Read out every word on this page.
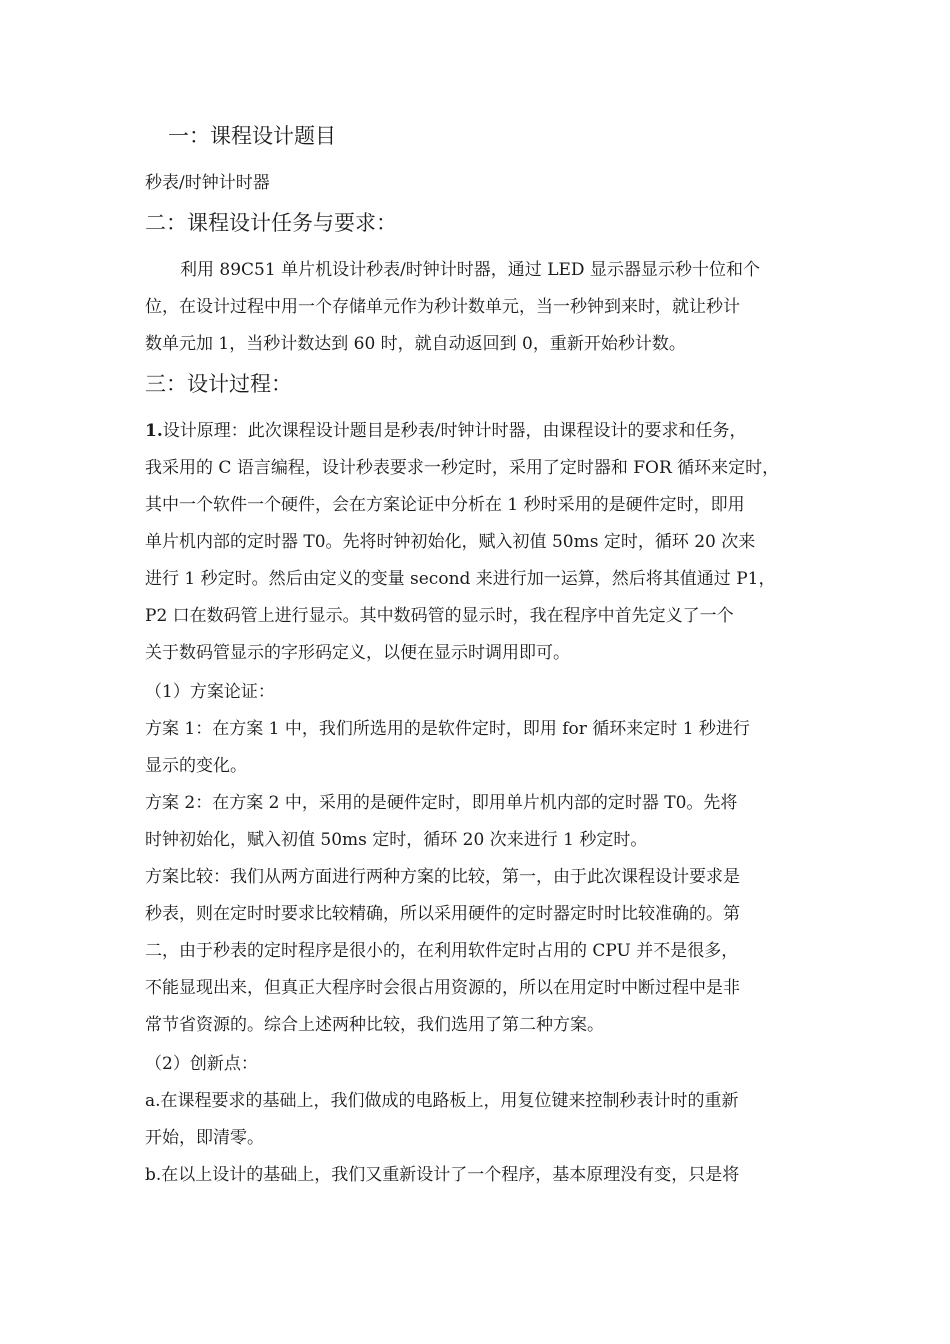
一：课程设计题目
秒表/时钟计时器
二：课程设计任务与要求：
利用 89C51 单片机设计秒表/时钟计时器，通过 LED 显示器显示秒十位和个
位，在设计过程中用一个存储单元作为秒计数单元，当一秒钟到来时，就让秒计
数单元加 1，当秒计数达到 60 时，就自动返回到 0，重新开始秒计数。
三：设计过程：
1.设计原理：此次课程设计题目是秒表/时钟计时器，由课程设计的要求和任务，
我采用的 C 语言编程，设计秒表要求一秒定时，采用了定时器和 FOR 循环来定时，
其中一个软件一个硬件，会在方案论证中分析在 1 秒时采用的是硬件定时，即用
单片机内部的定时器 T0。先将时钟初始化，赋入初值 50ms 定时，循环 20 次来
进行 1 秒定时。然后由定义的变量 second 来进行加一运算，然后将其值通过 P1，
P2 口在数码管上进行显示。其中数码管的显示时，我在程序中首先定义了一个
关于数码管显示的字形码定义，以便在显示时调用即可。
（1）方案论证：
方案 1：在方案 1 中，我们所选用的是软件定时，即用 for 循环来定时 1 秒进行
显示的变化。
方案 2：在方案 2 中，采用的是硬件定时，即用单片机内部的定时器 T0。先将
时钟初始化，赋入初值 50ms 定时，循环 20 次来进行 1 秒定时。
方案比较：我们从两方面进行两种方案的比较，第一，由于此次课程设计要求是
秒表，则在定时时要求比较精确，所以采用硬件的定时器定时时比较准确的。第
二，由于秒表的定时程序是很小的，在利用软件定时占用的 CPU 并不是很多，
不能显现出来，但真正大程序时会很占用资源的，所以在用定时中断过程中是非
常节省资源的。综合上述两种比较，我们选用了第二种方案。
（2）创新点：
a.在课程要求的基础上，我们做成的电路板上，用复位键来控制秒表计时的重新
开始，即清零。
b.在以上设计的基础上，我们又重新设计了一个程序，基本原理没有变，只是将
